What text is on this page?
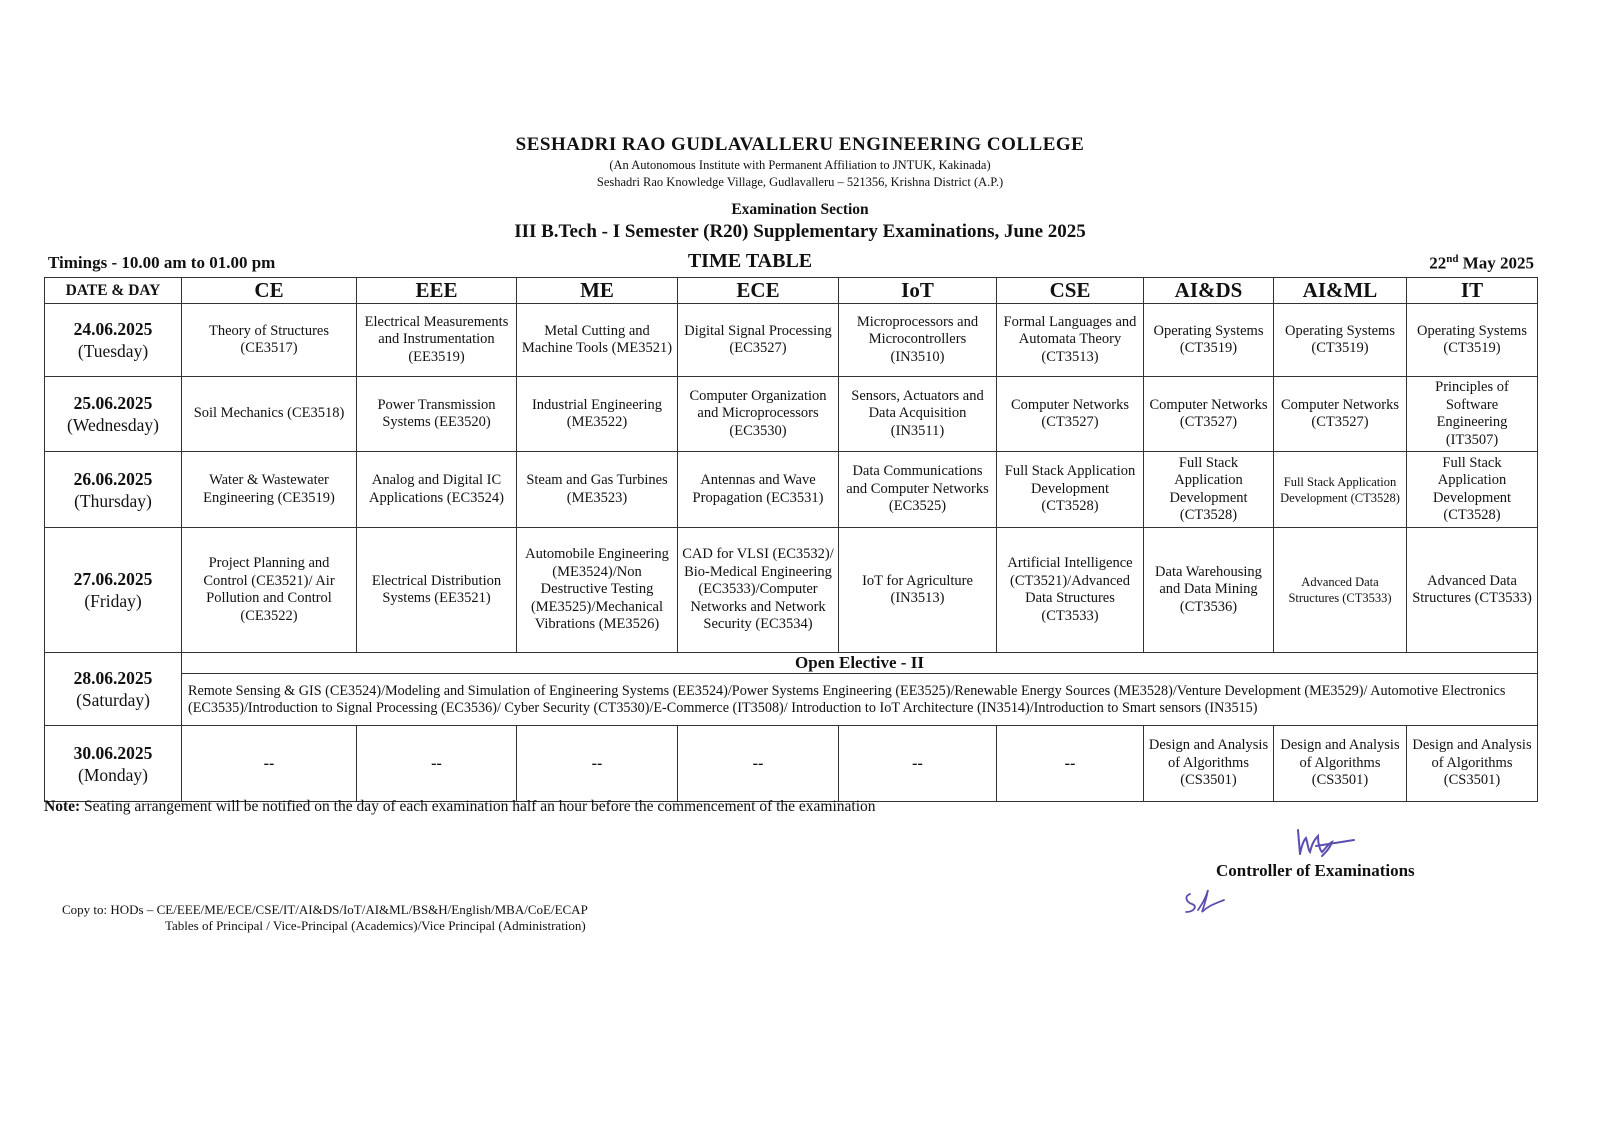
SESHADRI RAO GUDLAVALLERU ENGINEERING COLLEGE
(An Autonomous Institute with Permanent Affiliation to JNTUK, Kakinada)
Seshadri Rao Knowledge Village, Gudlavalleru – 521356, Krishna District (A.P.)
Examination Section
III B.Tech - I Semester (R20) Supplementary Examinations, June 2025
Timings - 10.00 am to 01.00 pm	TIME TABLE	22nd May 2025
DATE & DAY	CE	EEE	ME	ECE	IoT	CSE	AI&DS	AI&ML	IT

24.06.2025
(Tuesday)	Theory of Structures (CE3517)	Electrical Measurements and Instrumentation (EE3519)	Metal Cutting and Machine Tools (ME3521)	Digital Signal Processing (EC3527)	Microprocessors and Microcontrollers (IN3510)	Formal Languages and Automata Theory (CT3513)	Operating Systems (CT3519)	Operating Systems (CT3519)	Operating Systems (CT3519)

25.06.2025
(Wednesday)	Soil Mechanics (CE3518)	Power Transmission Systems (EE3520)	Industrial Engineering (ME3522)	Computer Organization and Microprocessors (EC3530)	Sensors, Actuators and Data Acquisition (IN3511)	Computer Networks (CT3527)	Computer Networks (CT3527)	Computer Networks (CT3527)	Principles of Software Engineering (IT3507)

26.06.2025
(Thursday)	Water & Wastewater Engineering (CE3519)	Analog and Digital IC Applications (EC3524)	Steam and Gas Turbines (ME3523)	Antennas and Wave Propagation (EC3531)	Data Communications and Computer Networks (EC3525)	Full Stack Application Development (CT3528)	Full Stack Application Development (CT3528)	Full Stack Application Development (CT3528)	Full Stack Application Development (CT3528)

27.06.2025
(Friday)	Project Planning and Control (CE3521)/ Air Pollution and Control (CE3522)	Electrical Distribution Systems (EE3521)	Automobile Engineering (ME3524)/Non Destructive Testing (ME3525)/Mechanical Vibrations (ME3526)	CAD for VLSI (EC3532)/ Bio-Medical Engineering (EC3533)/Computer Networks and Network Security (EC3534)	IoT for Agriculture (IN3513)	Artificial Intelligence (CT3521)/Advanced Data Structures (CT3533)	Data Warehousing and Data Mining (CT3536)	Advanced Data Structures (CT3533)	Advanced Data Structures (CT3533)

28.06.2025
(Saturday)	Open Elective - II								
	Remote Sensing & GIS (CE3524)/Modeling and Simulation of Engineering Systems (EE3524)/Power Systems Engineering (EE3525)/Renewable Energy Sources (ME3528)/Venture Development (ME3529)/ Automotive Electronics (EC3535)/Introduction to Signal Processing (EC3536)/ Cyber Security (CT3530)/E-Commerce (IT3508)/ Introduction to IoT Architecture (IN3514)/Introduction to Smart sensors (IN3515)								

30.06.2025
(Monday)	--	--	--	--	--	--	Design and Analysis of Algorithms (CS3501)	Design and Analysis of Algorithms (CS3501)	Design and Analysis of Algorithms (CS3501)
Note: Seating arrangement will be notified on the day of each examination half an hour before the commencement of the examination
Controller of Examinations
Copy to: HODs – CE/EEE/ME/ECE/CSE/IT/AI&DS/IoT/AI&ML/BS&H/English/MBA/CoE/ECAP
Tables of Principal / Vice-Principal (Academics)/Vice Principal (Administration)
